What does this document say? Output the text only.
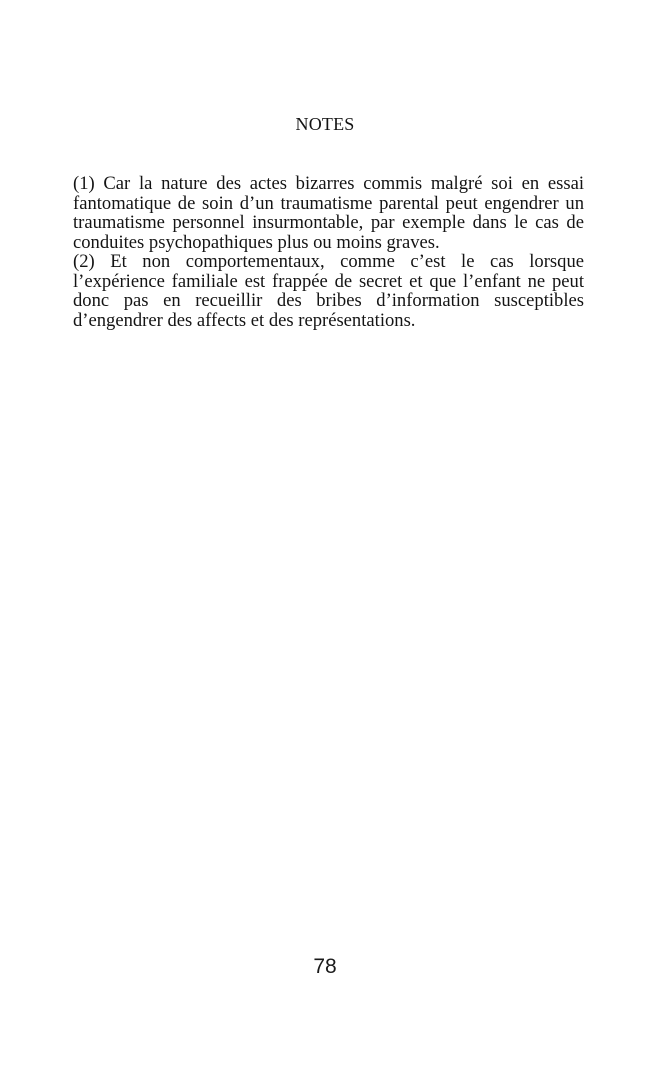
NOTES

(1) Car la nature des actes bizarres commis malgré soi en essai fantomatique de soin d’un traumatisme parental peut engendrer un traumatisme personnel insurmontable, par exemple dans le cas de conduites psychopathiques plus ou moins graves.

(2) Et non comportementaux, comme c’est le cas lorsque l’expérience familiale est frappée de secret et que l’enfant ne peut donc pas en recueillir des bribes d’information susceptibles d’engendrer des affects et des représentations.

78
